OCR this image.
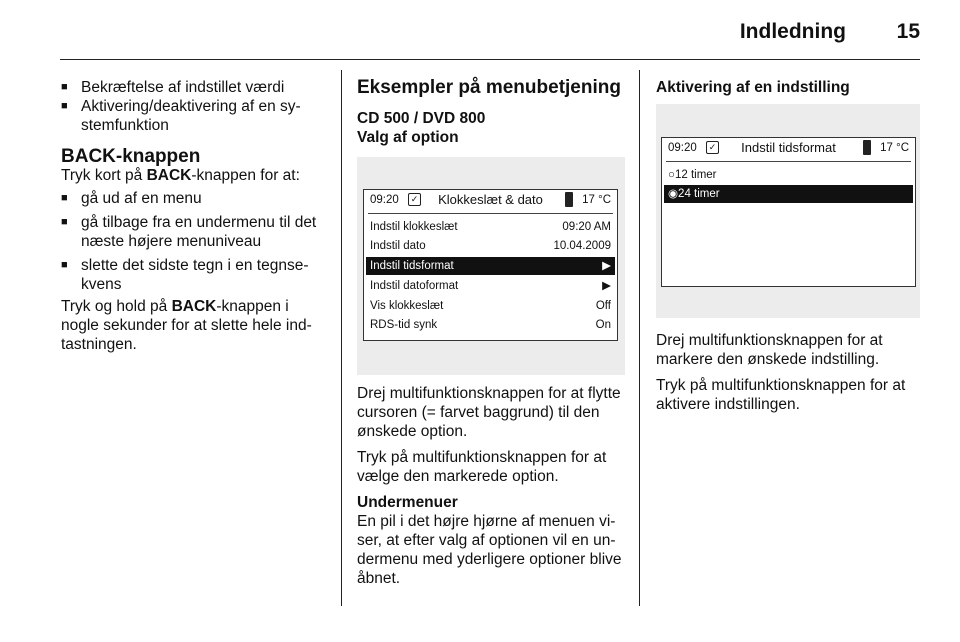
Indledning	15
■ Bekræftelse af indstillet værdi
■ Aktivering/deaktivering af en sy-stemfunktion
BACK-knappen

Tryk kort på BACK-knappen for at:

■ gå ud af en menu
■ gå tilbage fra en undermenu til det næste højere menuniveau
■ slette det sidste tegn i en tegnse-kvens

Tryk og hold på BACK-knappen i nogle sekunder for at slette hele ind-tastningen.

Eksempler på menubetjening
CD 500 / DVD 800
Valg af option
09:20	✓	Klokkeslæt & dato	17 °C
Indstil klokkeslæt	09:20 AM
Indstil dato	10.04.2009
Indstil tidsformat	▶
Indstil datoformat	▶
Vis klokkeslæt	Off
RDS-tid synk	On

Drej multifunktionsknappen for at flytte cursoren (= farvet baggrund) til den ønskede option.

Tryk på multifunktionsknappen for at vælge den markerede option.

Undermenuer

En pil i det højre hjørne af menuen vi-ser, at efter valg af optionen vil en un-dermenu med yderligere optioner blive åbnet.

Aktivering af en indstilling
09:20	✓	Indstil tidsformat	17 °C
○12 timer
◉24 timer

Drej multifunktionsknappen for at markere den ønskede indstilling.

Tryk på multifunktionsknappen for at aktivere indstillingen.
